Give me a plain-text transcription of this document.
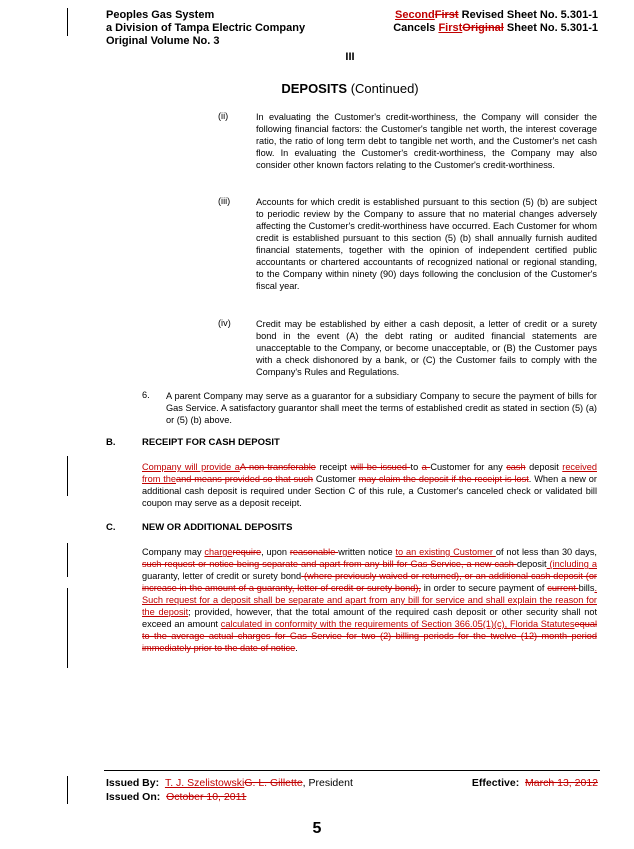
Peoples Gas System
a Division of Tampa Electric Company
Original Volume No. 3
SecondFirst Revised Sheet No. 5.301-1
Cancels FirstOriginal Sheet No. 5.301-1
III
DEPOSITS (Continued)
(ii)	In evaluating the Customer's credit-worthiness, the Company will consider the following financial factors: the Customer's tangible net worth, the interest coverage ratio, the ratio of long term debt to tangible net worth, and the Customer's net cash flow. In evaluating the Customer's credit-worthiness, the Company may also consider other known factors relating to the Customer's credit-worthiness.
(iii)	Accounts for which credit is established pursuant to this section (5) (b) are subject to periodic review by the Company to assure that no material changes adversely affecting the Customer's credit-worthiness have occurred. Each Customer for whom credit is established pursuant to this section (5) (b) shall annually furnish audited financial statements, together with the opinion of independent certified public accountants or chartered accountants of recognized national or regional standing, to the Company within ninety (90) days following the conclusion of the Customer's fiscal year.
(iv)	Credit may be established by either a cash deposit, a letter of credit or a surety bond in the event (A) the debt rating or audited financial statements are unacceptable to the Company, or become unacceptable, or (B) the Customer pays with a check dishonored by a bank, or (C) the Customer fails to comply with the Company's Rules and Regulations.
6. A parent Company may serve as a guarantor for a subsidiary Company to secure the payment of bills for Gas Service. A satisfactory guarantor shall meet the terms of established credit as stated in section (5) (a) or (5) (b) above.
B.	RECEIPT FOR CASH DEPOSIT
Company will provide aA non-transferable receipt will be issued to a Customer for any cash deposit received from theand means provided so that such Customer may claim the deposit if the receipt is lost. When a new or additional cash deposit is required under Section C of this rule, a Customer's canceled check or validated bill coupon may serve as a deposit receipt.
C.	NEW OR ADDITIONAL DEPOSITS
Company may chargerequire, upon reasonable written notice to an existing Customer of not less than 30 days, such request or notice being separate and apart from any bill for Gas Service, a new cash deposit (including a guaranty, letter of credit or surety bond (where previously waived or returned), or an additional cash deposit (or increase in the amount of a guaranty, letter of credit or surety bond), in order to secure payment of current bills. Such request for a deposit shall be separate and apart from any bill for service and shall explain the reason for the deposit; provided, however, that the total amount of the required cash deposit or other security shall not exceed an amount calculated in conformity with the requirements of Section 366.05(1)(c), Florida Statutesequal to the average actual charges for Gas Service for two (2) billing periods for the twelve (12) month period immediately prior to the date of notice.
Issued By: T. J. SzelistowskiG. L. Gillette, President
Issued On: October 10, 2011
Effective: March 13, 2012
5
